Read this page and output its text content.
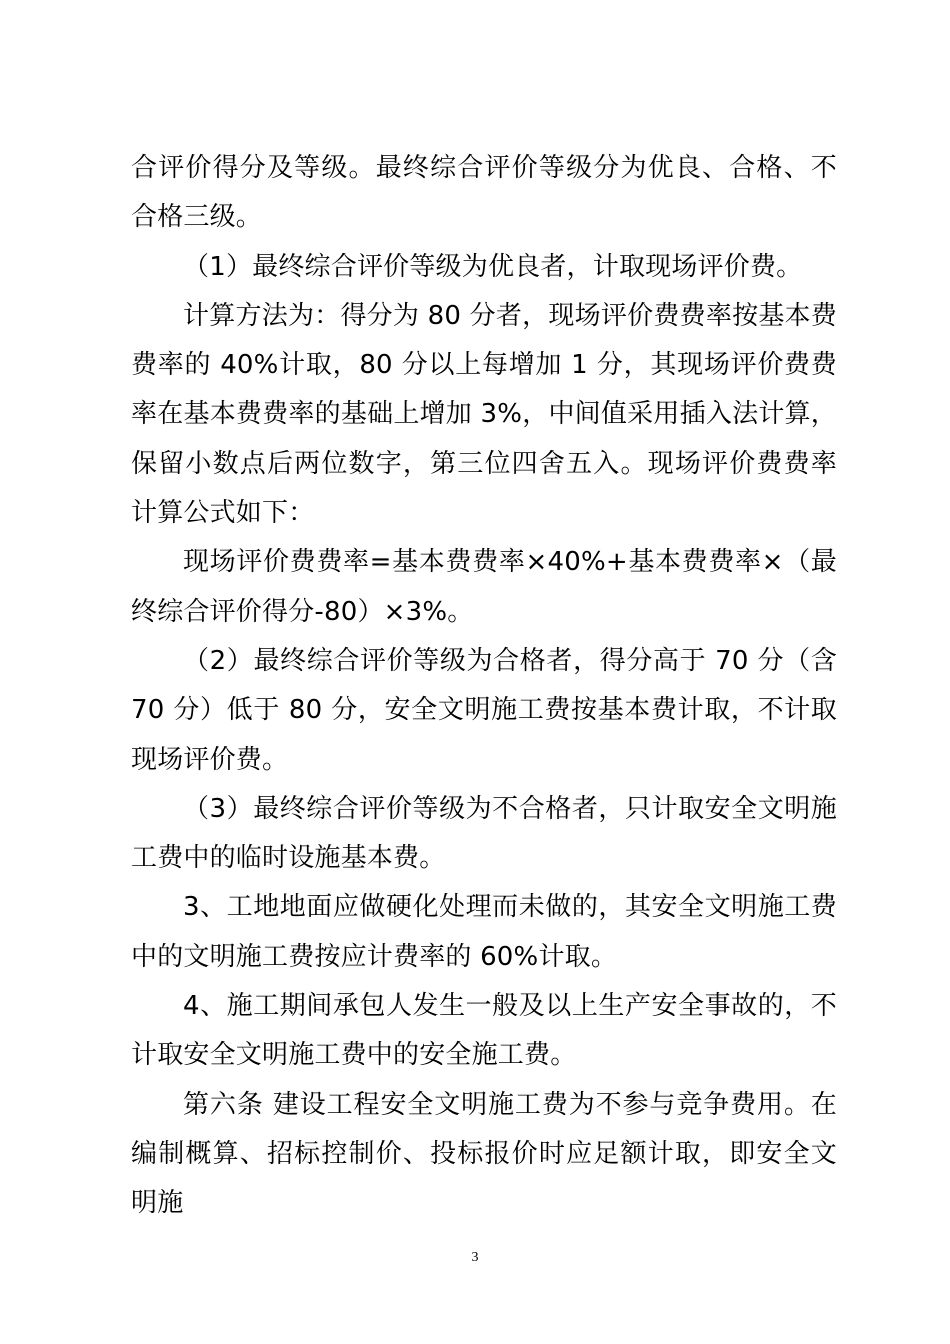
合评价得分及等级。最终综合评价等级分为优良、合格、不合格三级。

（1）最终综合评价等级为优良者，计取现场评价费。

计算方法为：得分为 80 分者，现场评价费费率按基本费费率的 40%计取，80 分以上每增加 1 分，其现场评价费费率在基本费费率的基础上增加 3%，中间值采用插入法计算，保留小数点后两位数字，第三位四舍五入。现场评价费费率计算公式如下：

现场评价费费率=基本费费率×40%+基本费费率×（最终综合评价得分-80）×3%。

（2）最终综合评价等级为合格者，得分高于 70 分（含 70 分）低于 80 分，安全文明施工费按基本费计取，不计取现场评价费。

（3）最终综合评价等级为不合格者，只计取安全文明施工费中的临时设施基本费。

3、工地地面应做硬化处理而未做的，其安全文明施工费中的文明施工费按应计费率的 60%计取。

4、施工期间承包人发生一般及以上生产安全事故的，不计取安全文明施工费中的安全施工费。

第六条 建设工程安全文明施工费为不参与竞争费用。在编制概算、招标控制价、投标报价时应足额计取，即安全文明施

3
